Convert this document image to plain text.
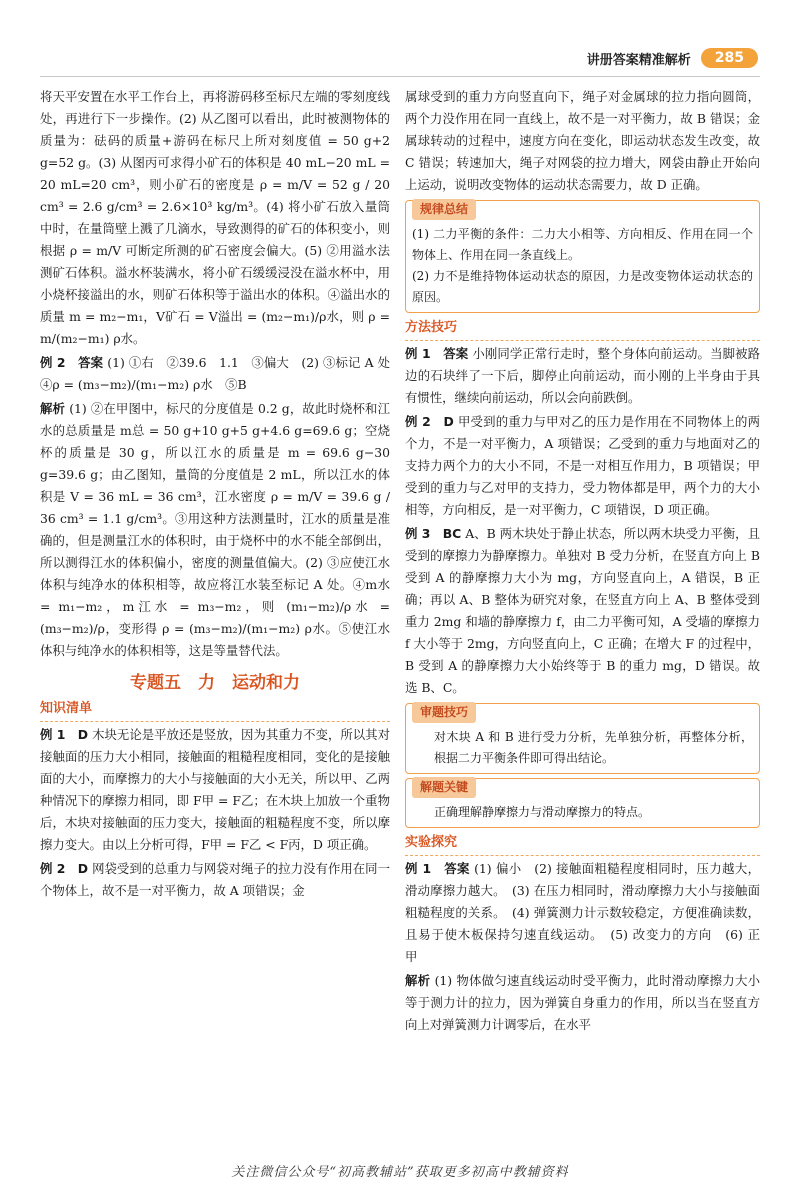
讲册答案精准解析	285

将天平安置在水平工作台上，再将游码移至标尺左端的零刻度线处，再进行下一步操作。(2) 从乙图可以看出，此时被测物体的质量为：砝码的质量+游码在标尺上所对刻度值 = 50 g+2 g=52 g。(3) 从图丙可求得小矿石的体积是 40 mL−20 mL = 20 mL=20 cm³，则小矿石的密度是 ρ = m/V = 52 g / 20 cm³ = 2.6 g/cm³ = 2.6×10³ kg/m³。(4) 将小矿石放入量筒中时，在量筒壁上溅了几滴水，导致测得的矿石的体积变小，则根据 ρ = m/V 可断定所测的矿石密度会偏大。(5) ②用溢水法测矿石体积。溢水杯装满水，将小矿石缓缓浸没在溢水杯中，用小烧杯接溢出的水，则矿石体积等于溢出水的体积。④溢出水的质量 m = m₂−m₁，V矿石 = V溢出 = (m₂−m₁)/ρ水，则 ρ = m/(m₂−m₁) ρ水。

例 2　答案 (1) ①右　②39.6　1.1　③偏大　(2) ③标记 A 处　④ρ = (m₃−m₂)/(m₁−m₂) ρ水　⑤B

解析 (1) ②在甲图中，标尺的分度值是 0.2 g，故此时烧杯和江水的总质量是 m总 = 50 g+10 g+5 g+4.6 g=69.6 g；空烧杯的质量是 30 g，所以江水的质量是 m = 69.6 g−30 g=39.6 g；由乙图知，量筒的分度值是 2 mL，所以江水的体积是 V = 36 mL = 36 cm³，江水密度 ρ = m/V = 39.6 g / 36 cm³ = 1.1 g/cm³。③用这种方法测量时，江水的质量是准确的，但是测量江水的体积时，由于烧杯中的水不能全部倒出，所以测得江水的体积偏小，密度的测量值偏大。(2) ③应使江水体积与纯净水的体积相等，故应将江水装至标记 A 处。④m水 = m₁−m₂，m江水 = m₃−m₂，则 (m₁−m₂)/ρ水 = (m₃−m₂)/ρ，变形得 ρ = (m₃−m₂)/(m₁−m₂) ρ水。⑤使江水体积与纯净水的体积相等，这是等量替代法。

专题五　力　运动和力
知识清单

例 1　D 木块无论是平放还是竖放，因为其重力不变，所以其对接触面的压力大小相同，接触面的粗糙程度相同，变化的是接触面的大小，而摩擦力的大小与接触面的大小无关，所以甲、乙两种情况下的摩擦力相同，即 F甲 = F乙；在木块上加放一个重物后，木块对接触面的压力变大，接触面的粗糙程度不变，所以摩擦力变大。由以上分析可得，F甲 = F乙 < F丙，D 项正确。

例 2　D 网袋受到的总重力与网袋对绳子的拉力没有作用在同一个物体上，故不是一对平衡力，故 A 项错误；金

属球受到的重力方向竖直向下，绳子对金属球的拉力指向圆筒，两个力没作用在同一直线上，故不是一对平衡力，故 B 错误；金属球转动的过程中，速度方向在变化，即运动状态发生改变，故 C 错误；转速加大，绳子对网袋的拉力增大，网袋由静止开始向上运动，说明改变物体的运动状态需要力，故 D 正确。

规律总结

(1) 二力平衡的条件：二力大小相等、方向相反、作用在同一个物体上、作用在同一条直线上。

(2) 力不是维持物体运动状态的原因，力是改变物体运动状态的原因。

方法技巧

例 1　答案 小刚同学正常行走时，整个身体向前运动。当脚被路边的石块绊了一下后，脚停止向前运动，而小刚的上半身由于具有惯性，继续向前运动，所以会向前跌倒。

例 2　D 甲受到的重力与甲对乙的压力是作用在不同物体上的两个力，不是一对平衡力，A 项错误；乙受到的重力与地面对乙的支持力两个力的大小不同，不是一对相互作用力，B 项错误；甲受到的重力与乙对甲的支持力，受力物体都是甲，两个力的大小相等，方向相反，是一对平衡力，C 项错误，D 项正确。

例 3　BC A、B 两木块处于静止状态，所以两木块受力平衡，且受到的摩擦力为静摩擦力。单独对 B 受力分析，在竖直方向上 B 受到 A 的静摩擦力大小为 mg，方向竖直向上，A 错误，B 正确；再以 A、B 整体为研究对象，在竖直方向上 A、B 整体受到重力 2mg 和墙的静摩擦力 f，由二力平衡可知，A 受墙的摩擦力 f 大小等于 2mg，方向竖直向上，C 正确；在增大 F 的过程中，B 受到 A 的静摩擦力大小始终等于 B 的重力 mg，D 错误。故选 B、C。

审题技巧

对木块 A 和 B 进行受力分析，先单独分析，再整体分析，根据二力平衡条件即可得出结论。

解题关键

正确理解静摩擦力与滑动摩擦力的特点。

实验探究

例 1　答案 (1) 偏小　(2) 接触面粗糙程度相同时，压力越大，滑动摩擦力越大。　(3) 在压力相同时，滑动摩擦力大小与接触面粗糙程度的关系。　(4) 弹簧测力计示数较稳定，方便准确读数，且易于使木板保持匀速直线运动。　(5) 改变力的方向　(6) 正　甲

解析 (1) 物体做匀速直线运动时受平衡力，此时滑动摩擦力大小等于测力计的拉力，因为弹簧自身重力的作用，所以当在竖直方向上对弹簧测力计调零后，在水平

关注微信公众号“初高教辅站”获取更多初高中教辅资料
